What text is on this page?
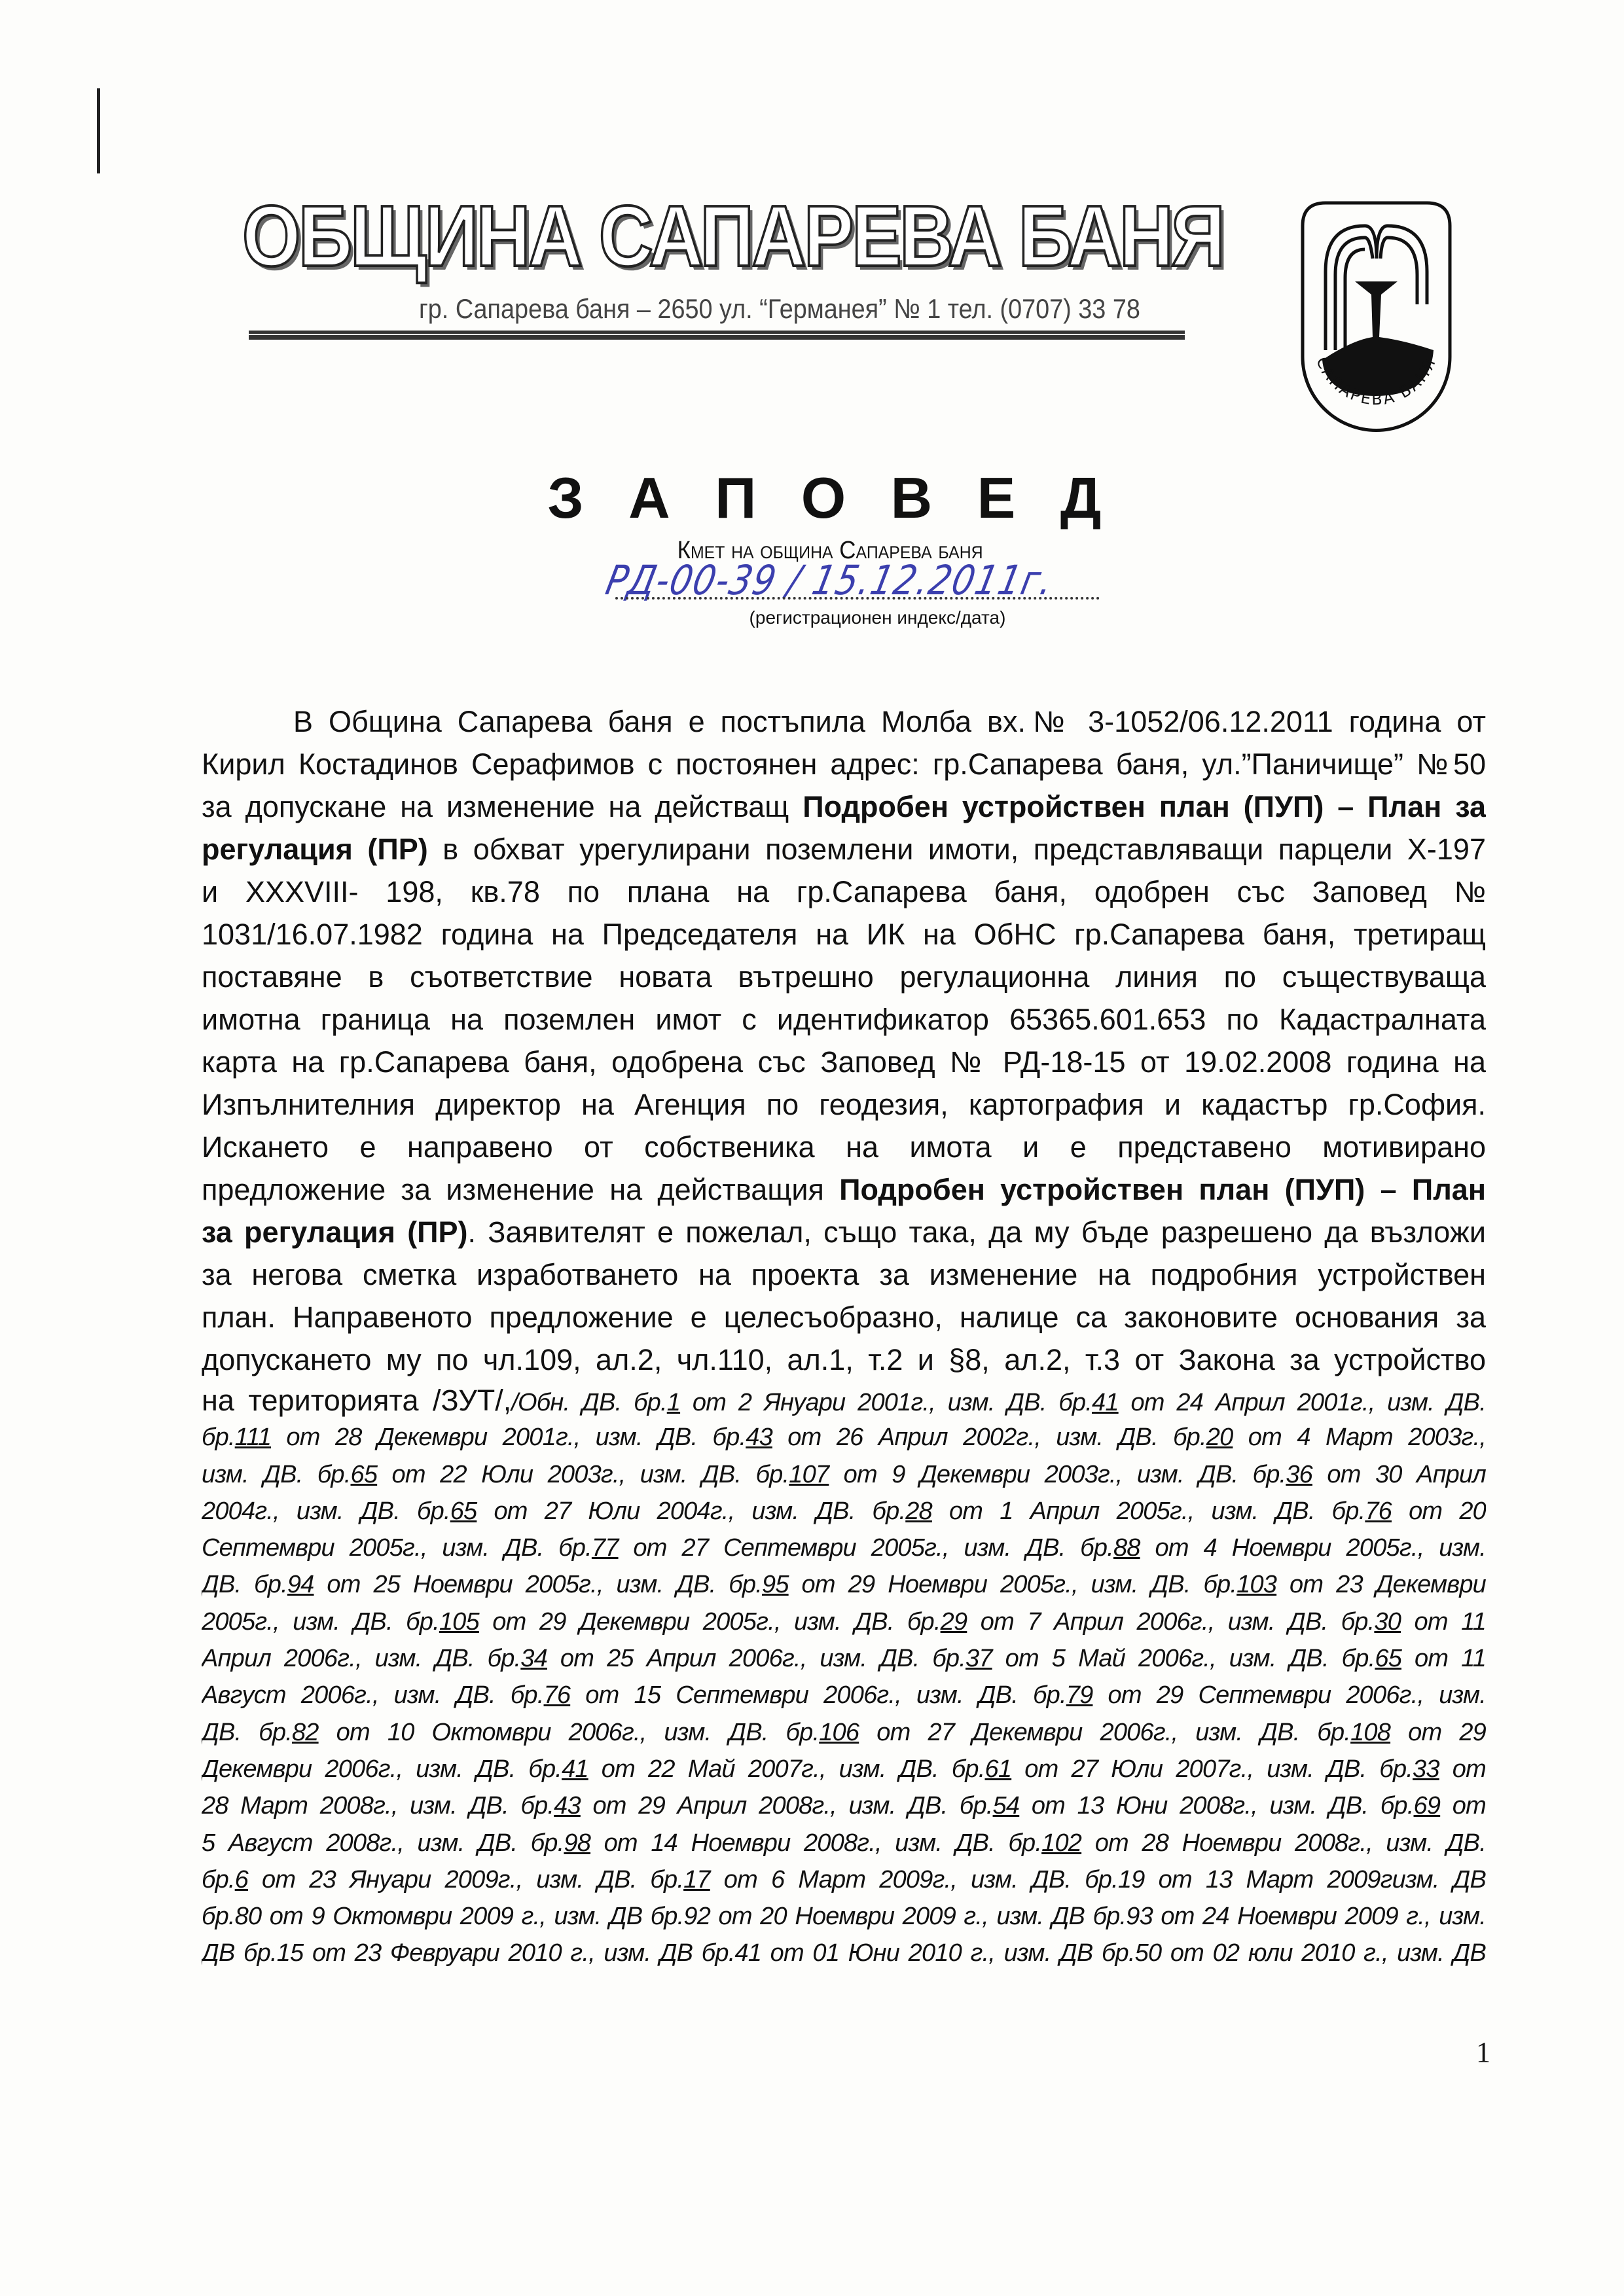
ОБЩИНА САПАРЕВА БАНЯ
гр. Сапарева баня – 2650 ул. “Германея” № 1 тел. (0707) 33 78
САПАРЕВА БАНЯ
З А П О В Е Д
Кмет на община Сапарева баня
РД-00-39 / 15.12.2011г.
(регистрационен индекс/дата)
В Община Сапарева баня е постъпила Молба вх.№ 3-1052/06.12.2011 година от
Кирил Костадинов Серафимов с постоянен адрес: гр.Сапарева баня, ул.”Паничище” №50
за допускане на изменение на действащ Подробен устройствен план (ПУП) – План за
регулация (ПР) в обхват урегулирани поземлени имоти, представляващи парцели Х-197
и XXXVIII- 198, кв.78 по плана на гр.Сапарева баня, одобрен със Заповед №
1031/16.07.1982 година на Председателя на ИК на ОбНС гр.Сапарева баня, третиращ
поставяне в съответствие новата вътрешно регулационна линия по съществуваща
имотна граница на поземлен имот с идентификатор 65365.601.653 по Кадастралната
карта на гр.Сапарева баня, одобрена със Заповед № РД-18-15 от 19.02.2008 година на
Изпълнителния директор на Агенция по геодезия, картография и кадастър гр.София.
Искането е направено от собственика на имота и е представено мотивирано
предложение за изменение на действащия Подробен устройствен план (ПУП) – План
за регулация (ПР). Заявителят е пожелал, също така, да му бъде разрешено да възложи
за негова сметка изработването на проекта за изменение на подробния устройствен
план. Направеното предложение е целесъобразно, налице са законовите основания за
допускането му по чл.109, ал.2, чл.110, ал.1, т.2 и §8, ал.2, т.3 от Закона за устройство
на територията /ЗУТ/,/Обн. ДВ. бр.1 от 2 Януари 2001г., изм. ДВ. бр.41 от 24 Април 2001г., изм. ДВ.
бр.111 от 28 Декември 2001г., изм. ДВ. бр.43 от 26 Април 2002г., изм. ДВ. бр.20 от 4 Март 2003г.,
изм. ДВ. бр.65 от 22 Юли 2003г., изм. ДВ. бр.107 от 9 Декември 2003г., изм. ДВ. бр.36 от 30 Април
2004г., изм. ДВ. бр.65 от 27 Юли 2004г., изм. ДВ. бр.28 от 1 Април 2005г., изм. ДВ. бр.76 от 20
Септември 2005г., изм. ДВ. бр.77 от 27 Септември 2005г., изм. ДВ. бр.88 от 4 Ноември 2005г., изм.
ДВ. бр.94 от 25 Ноември 2005г., изм. ДВ. бр.95 от 29 Ноември 2005г., изм. ДВ. бр.103 от 23 Декември
2005г., изм. ДВ. бр.105 от 29 Декември 2005г., изм. ДВ. бр.29 от 7 Април 2006г., изм. ДВ. бр.30 от 11
Април 2006г., изм. ДВ. бр.34 от 25 Април 2006г., изм. ДВ. бр.37 от 5 Май 2006г., изм. ДВ. бр.65 от 11
Август 2006г., изм. ДВ. бр.76 от 15 Септември 2006г., изм. ДВ. бр.79 от 29 Септември 2006г., изм.
ДВ. бр.82 от 10 Октомври 2006г., изм. ДВ. бр.106 от 27 Декември 2006г., изм. ДВ. бр.108 от 29
Декември 2006г., изм. ДВ. бр.41 от 22 Май 2007г., изм. ДВ. бр.61 от 27 Юли 2007г., изм. ДВ. бр.33 от
28 Март 2008г., изм. ДВ. бр.43 от 29 Април 2008г., изм. ДВ. бр.54 от 13 Юни 2008г., изм. ДВ. бр.69 от
5 Август 2008г., изм. ДВ. бр.98 от 14 Ноември 2008г., изм. ДВ. бр.102 от 28 Ноември 2008г., изм. ДВ.
бр.6 от 23 Януари 2009г., изм. ДВ. бр.17 от 6 Март 2009г., изм. ДВ. бр.19 от 13 Март 2009гизм. ДВ
бр.80 от 9 Октомври 2009 г., изм. ДВ бр.92 от 20 Ноември 2009 г., изм. ДВ бр.93 от 24 Ноември 2009 г., изм.
ДВ бр.15 от 23 Февруари 2010 г., изм. ДВ бр.41 от 01 Юни 2010 г., изм. ДВ бр.50 от 02 юли 2010 г., изм. ДВ
1
